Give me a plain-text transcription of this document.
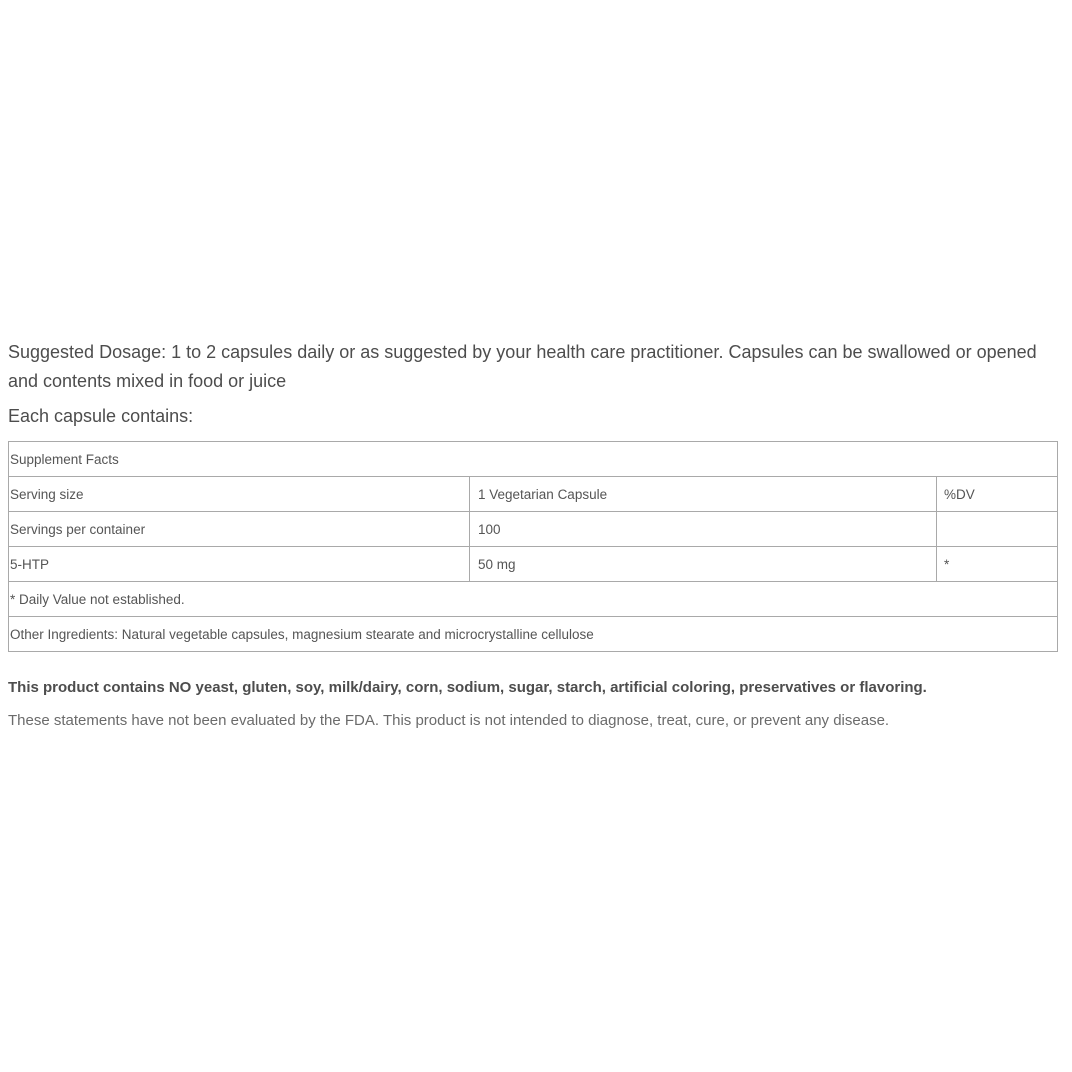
Suggested Dosage: 1 to 2 capsules daily or as suggested by your health care practitioner. Capsules can be swallowed or opened and contents mixed in food or juice

Each capsule contains:

Supplement Facts		
Serving size	1 Vegetarian Capsule	%DV
Servings per container	100	
5-HTP	50 mg	*
* Daily Value not established.		
Other Ingredients: Natural vegetable capsules, magnesium stearate and microcrystalline cellulose		

This product contains NO yeast, gluten, soy, milk/dairy, corn, sodium, sugar, starch, artificial coloring, preservatives or flavoring.

These statements have not been evaluated by the FDA. This product is not intended to diagnose, treat, cure, or prevent any disease.
